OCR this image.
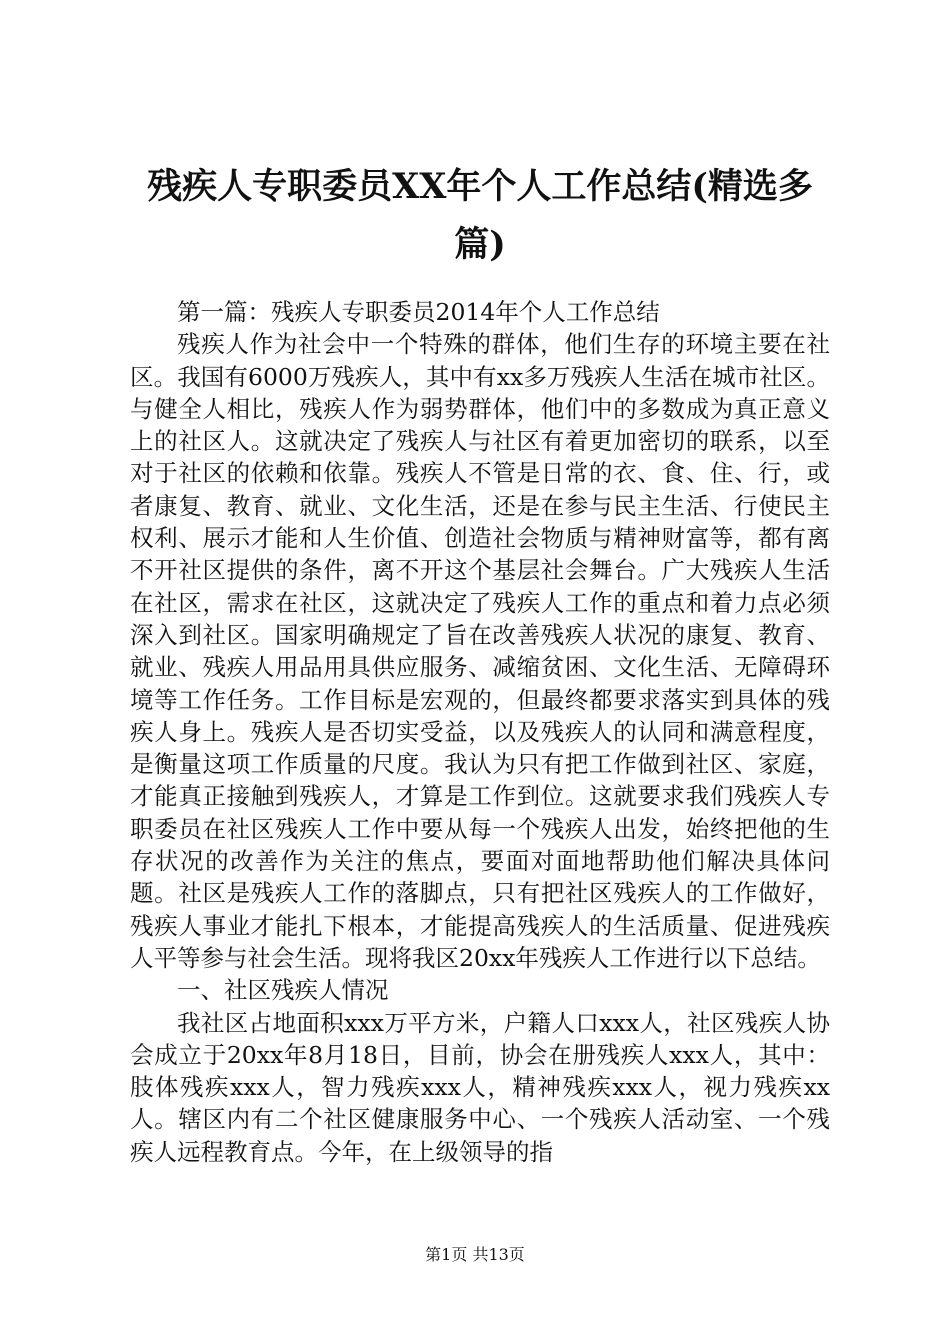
残疾人专职委员XX年个人工作总结(精选多篇)

第一篇：残疾人专职委员2014年个人工作总结

残疾人作为社会中一个特殊的群体，他们生存的环境主要在社区。我国有6000万残疾人，其中有xx多万残疾人生活在城市社区。与健全人相比，残疾人作为弱势群体，他们中的多数成为真正意义上的社区人。这就决定了残疾人与社区有着更加密切的联系，以至对于社区的依赖和依靠。残疾人不管是日常的衣、食、住、行，或者康复、教育、就业、文化生活，还是在参与民主生活、行使民主权利、展示才能和人生价值、创造社会物质与精神财富等，都有离不开社区提供的条件，离不开这个基层社会舞台。广大残疾人生活在社区，需求在社区，这就决定了残疾人工作的重点和着力点必须深入到社区。国家明确规定了旨在改善残疾人状况的康复、教育、就业、残疾人用品用具供应服务、减缩贫困、文化生活、无障碍环境等工作任务。工作目标是宏观的，但最终都要求落实到具体的残疾人身上。残疾人是否切实受益，以及残疾人的认同和满意程度，是衡量这项工作质量的尺度。我认为只有把工作做到社区、家庭，才能真正接触到残疾人，才算是工作到位。这就要求我们残疾人专职委员在社区残疾人工作中要从每一个残疾人出发，始终把他的生存状况的改善作为关注的焦点，要面对面地帮助他们解决具体问题。社区是残疾人工作的落脚点，只有把社区残疾人的工作做好，残疾人事业才能扎下根本，才能提高残疾人的生活质量、促进残疾人平等参与社会生活。现将我区20xx年残疾人工作进行以下总结。

一、社区残疾人情况

我社区占地面积xxx万平方米，户籍人口xxx人，社区残疾人协会成立于20xx年8月18日，目前，协会在册残疾人xxx人，其中：肢体残疾xxx人，智力残疾xxx人，精神残疾xxx人，视力残疾xx人。辖区内有二个社区健康服务中心、一个残疾人活动室、一个残疾人远程教育点。今年，在上级领导的指

第1页 共13页
